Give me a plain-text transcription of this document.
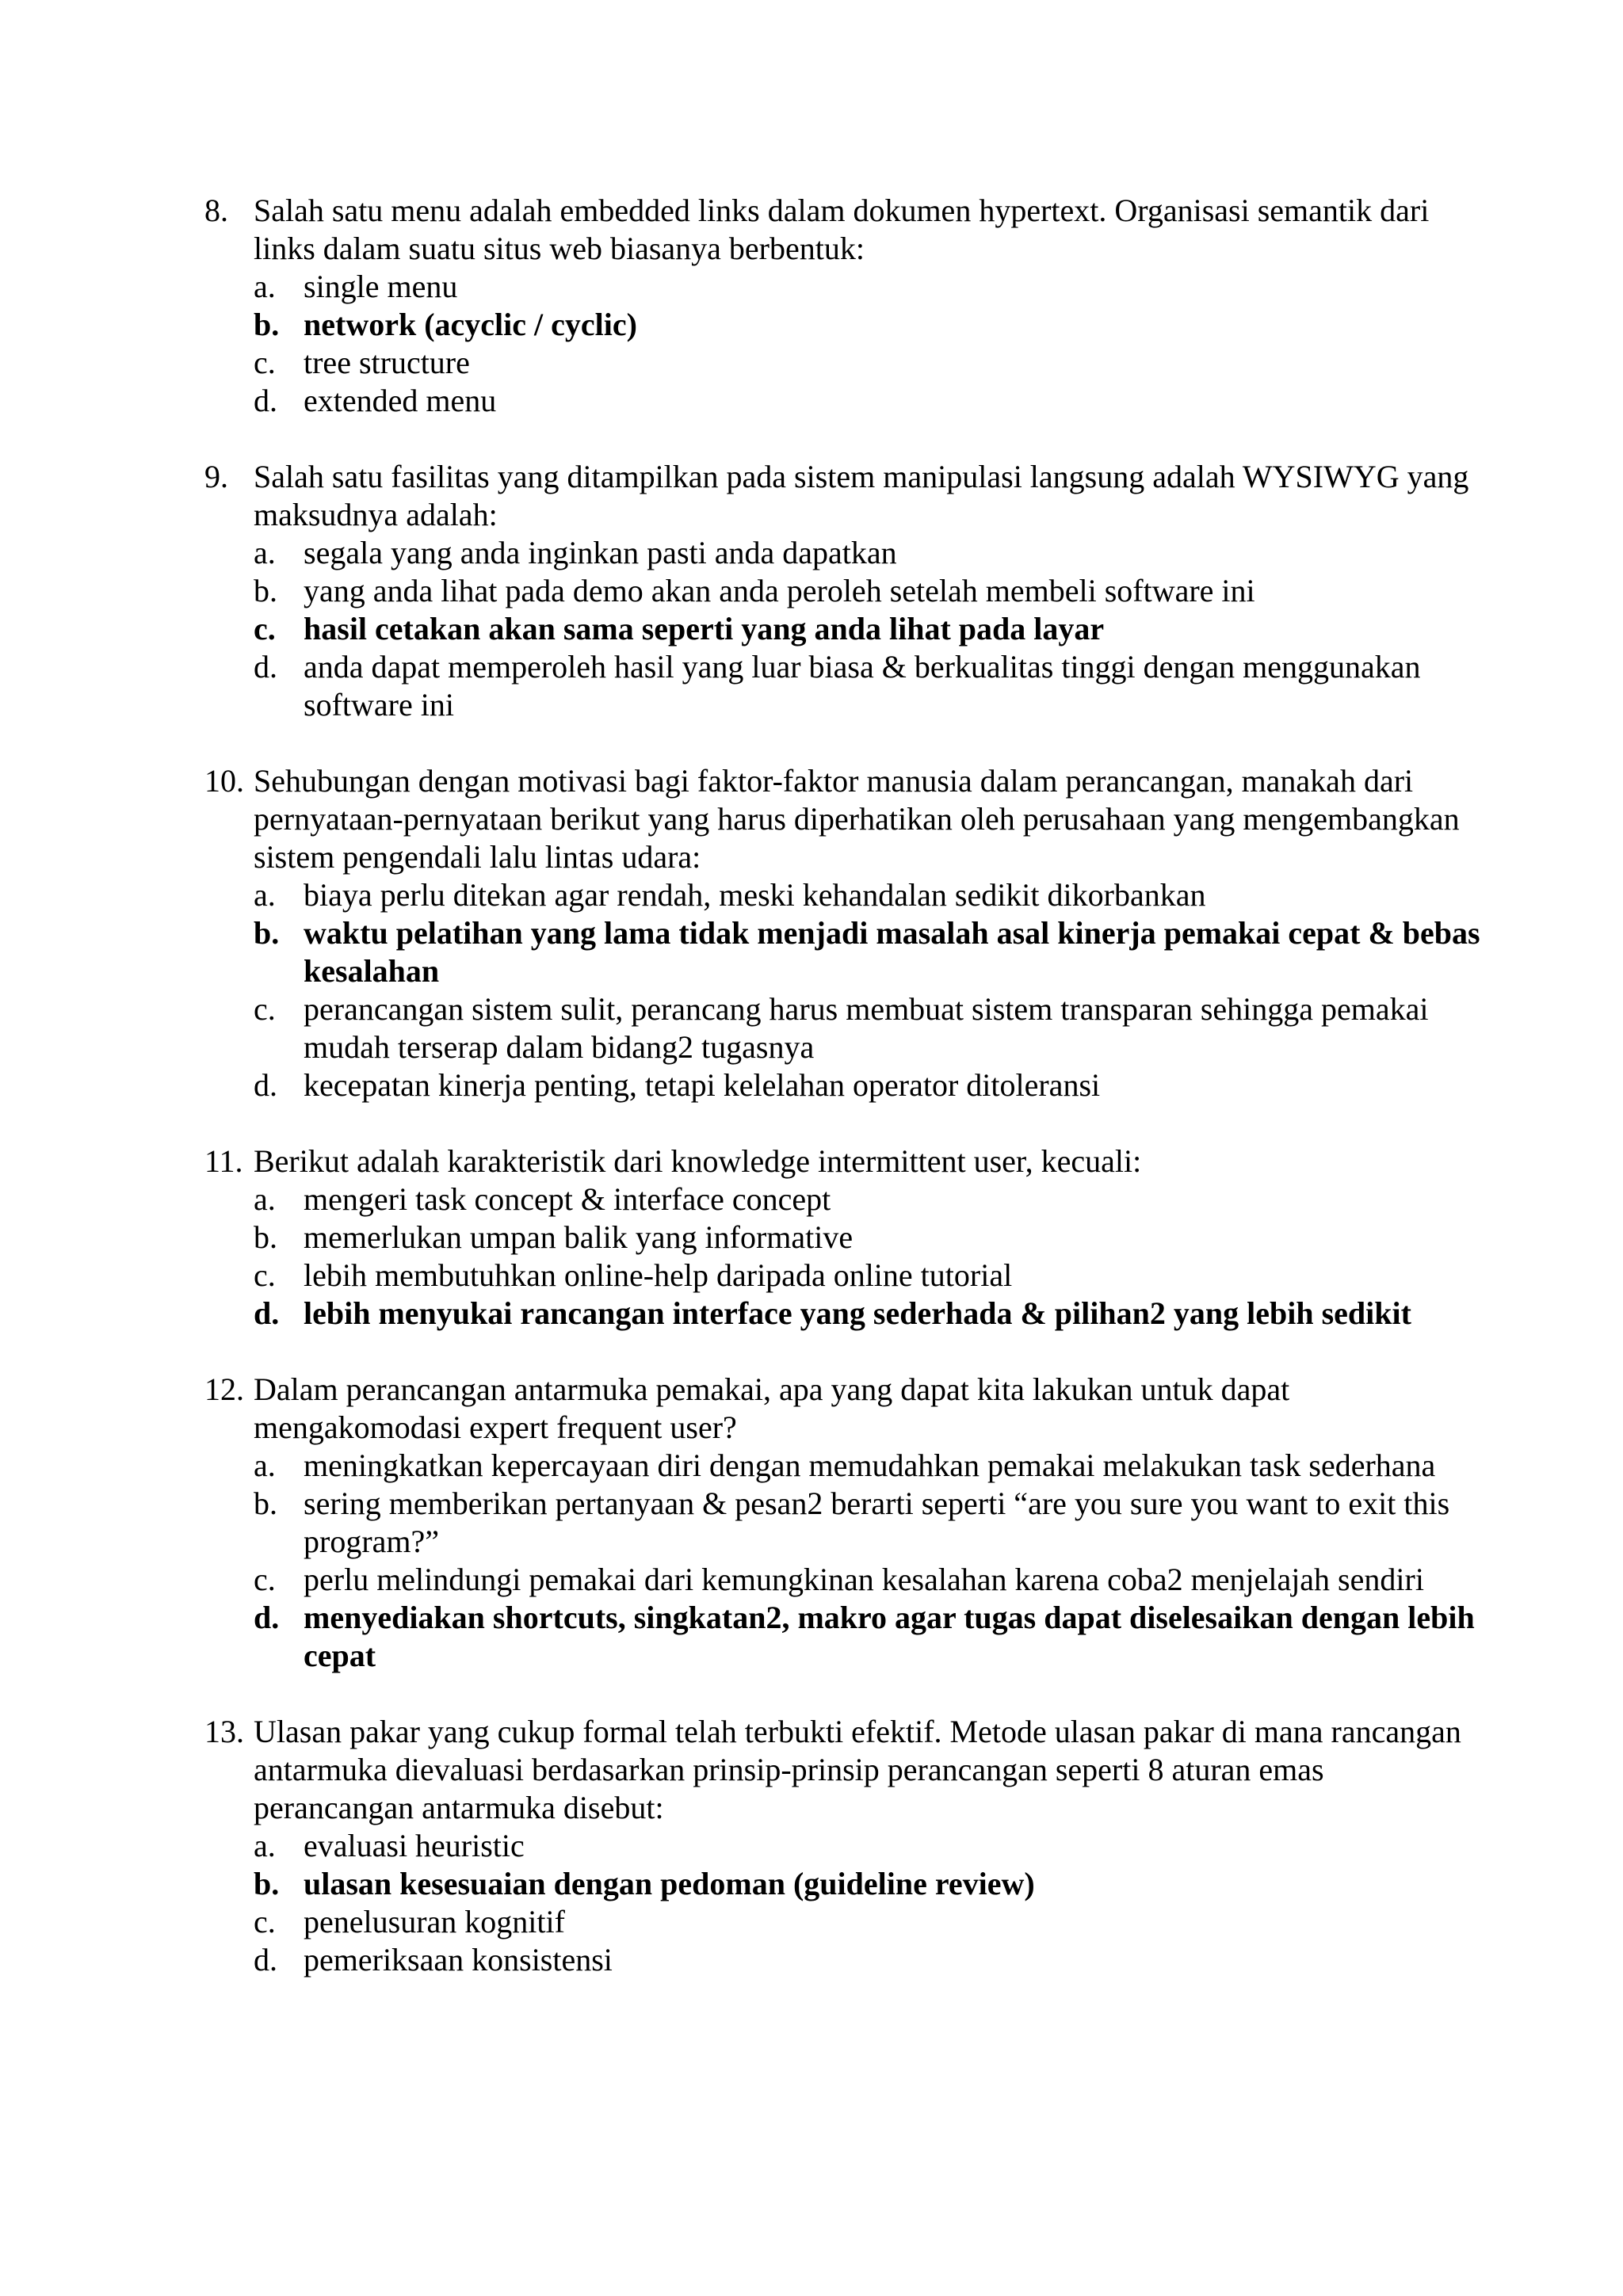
8. Salah satu menu adalah embedded links dalam dokumen hypertext. Organisasi semantik dari links dalam suatu situs web biasanya berbentuk:
a. single menu
b. network (acyclic / cyclic)
c. tree structure
d. extended menu
9. Salah satu fasilitas yang ditampilkan pada sistem manipulasi langsung adalah WYSIWYG yang maksudnya adalah:
a. segala yang anda inginkan pasti anda dapatkan
b. yang anda lihat pada demo akan anda peroleh setelah membeli software ini
c. hasil cetakan akan sama seperti yang anda lihat pada layar
d. anda dapat memperoleh hasil yang luar biasa & berkualitas tinggi dengan menggunakan software ini
10. Sehubungan dengan motivasi bagi faktor-faktor manusia dalam perancangan, manakah dari pernyataan-pernyataan berikut yang harus diperhatikan oleh perusahaan yang mengembangkan sistem pengendali lalu lintas udara:
a. biaya perlu ditekan agar rendah, meski kehandalan sedikit dikorbankan
b. waktu pelatihan yang lama tidak menjadi masalah asal kinerja pemakai cepat & bebas kesalahan
c. perancangan sistem sulit, perancang harus membuat sistem transparan sehingga pemakai mudah terserap dalam bidang2 tugasnya
d. kecepatan kinerja penting, tetapi kelelahan operator ditoleransi
11. Berikut adalah karakteristik dari knowledge intermittent user, kecuali:
a. mengeri task concept & interface concept
b. memerlukan umpan balik yang informative
c. lebih membutuhkan online-help daripada online tutorial
d. lebih menyukai rancangan interface yang sederhada & pilihan2 yang lebih sedikit
12. Dalam perancangan antarmuka pemakai, apa yang dapat kita lakukan untuk dapat mengakomodasi expert frequent user?
a. meningkatkan kepercayaan diri dengan memudahkan pemakai melakukan task sederhana
b. sering memberikan pertanyaan & pesan2 berarti seperti “are you sure you want to exit this program?”
c. perlu melindungi pemakai dari kemungkinan kesalahan karena coba2 menjelajah sendiri
d. menyediakan shortcuts, singkatan2, makro agar tugas dapat diselesaikan dengan lebih cepat
13. Ulasan pakar yang cukup formal telah terbukti efektif. Metode ulasan pakar di mana rancangan antarmuka dievaluasi berdasarkan prinsip-prinsip perancangan seperti 8 aturan emas perancangan antarmuka disebut:
a. evaluasi heuristic
b. ulasan kesesuaian dengan pedoman (guideline review)
c. penelusuran kognitif
d. pemeriksaan konsistensi
